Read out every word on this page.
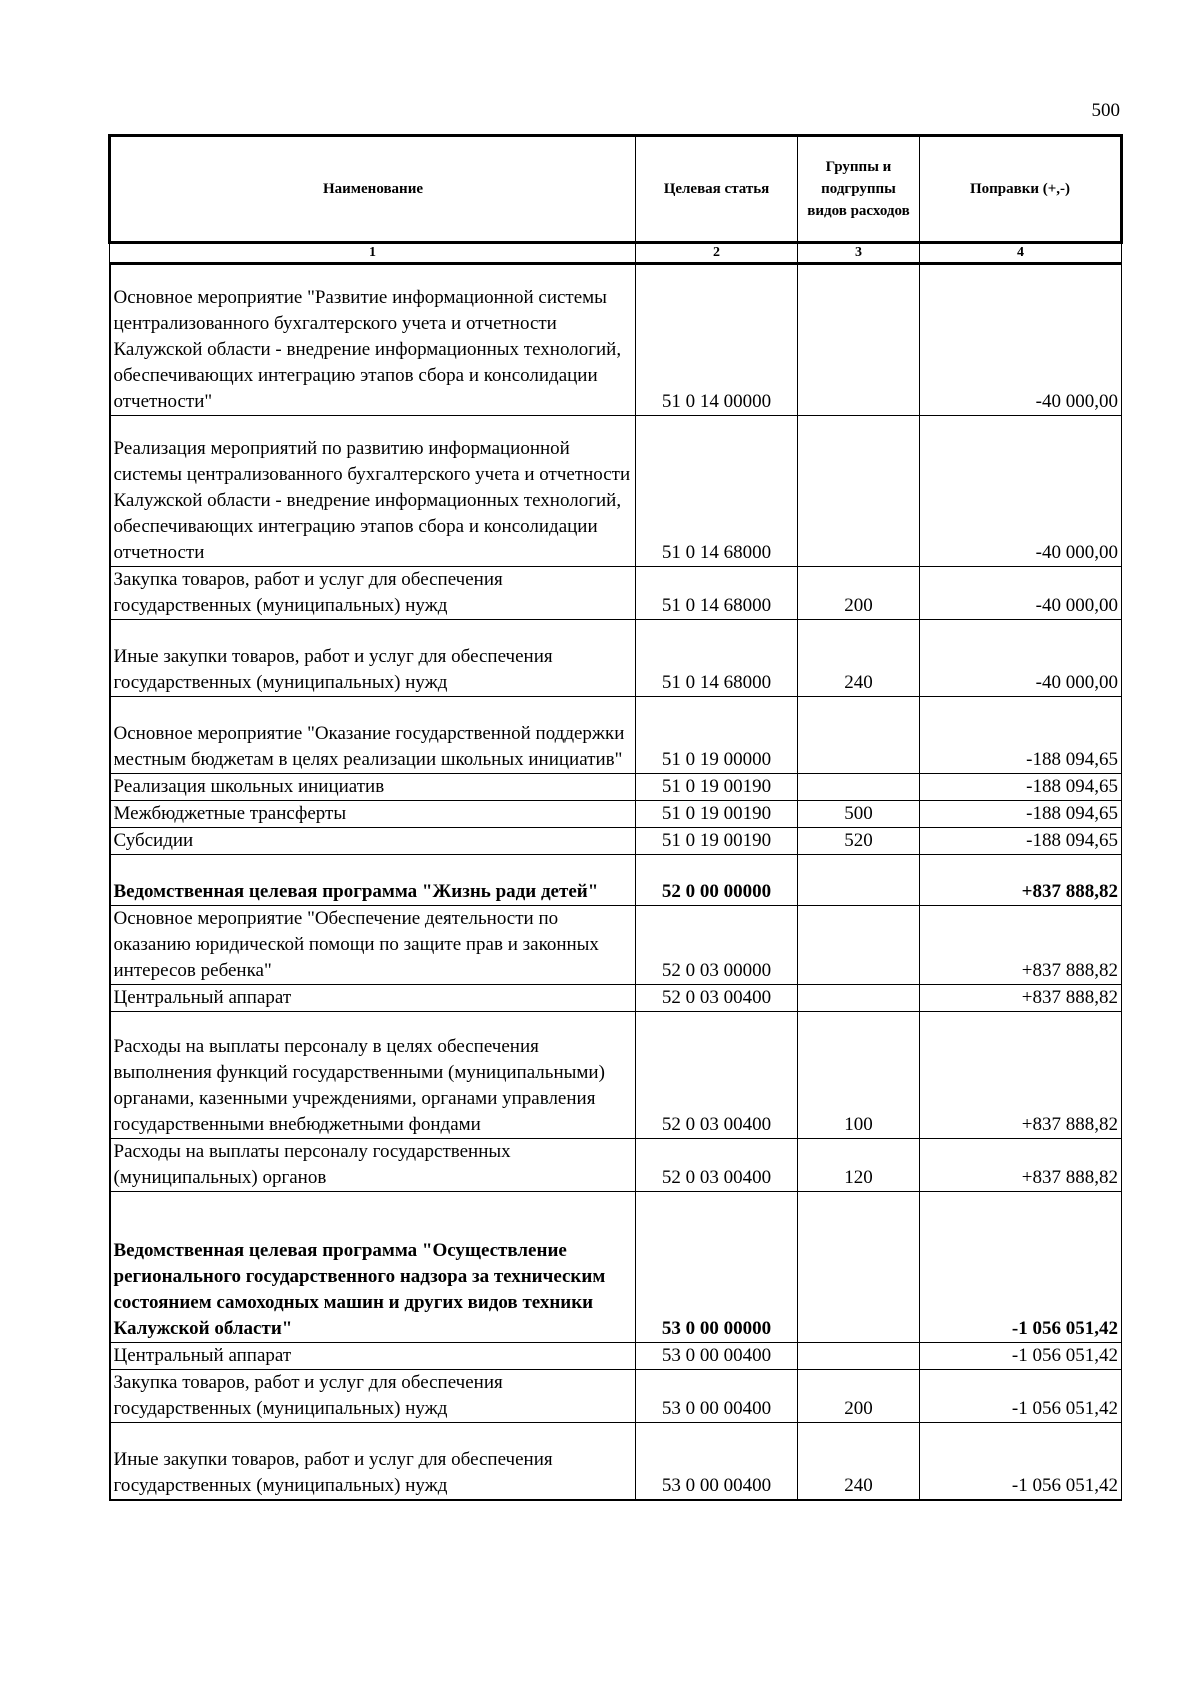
500
Наименование	Целевая статья	Группы и подгруппы видов расходов	Поправки (+,-)
1	2	3	4
Основное мероприятие "Развитие информационной системы централизованного бухгалтерского учета и отчетности Калужской области - внедрение информационных технологий, обеспечивающих интеграцию этапов сбора и консолидации отчетности"	51 0 14 00000		-40 000,00
Реализация мероприятий по развитию информационной системы централизованного бухгалтерского учета и отчетности Калужской области - внедрение информационных технологий, обеспечивающих интеграцию этапов сбора и консолидации отчетности	51 0 14 68000		-40 000,00
Закупка товаров, работ и услуг для обеспечения государственных (муниципальных) нужд	51 0 14 68000	200	-40 000,00
Иные закупки товаров, работ и услуг для обеспечения государственных (муниципальных) нужд	51 0 14 68000	240	-40 000,00
Основное мероприятие "Оказание государственной поддержки местным бюджетам в целях реализации школьных инициатив"	51 0 19 00000		-188 094,65
Реализация школьных инициатив	51 0 19 00190		-188 094,65
Межбюджетные трансферты	51 0 19 00190	500	-188 094,65
Субсидии	51 0 19 00190	520	-188 094,65
Ведомственная целевая программа "Жизнь ради детей"	52 0 00 00000		+837 888,82
Основное мероприятие "Обеспечение деятельности по оказанию юридической помощи по защите прав и законных интересов ребенка"	52 0 03 00000		+837 888,82
Центральный аппарат	52 0 03 00400		+837 888,82
Расходы на выплаты персоналу в целях обеспечения выполнения функций государственными (муниципальными) органами, казенными учреждениями, органами управления государственными внебюджетными фондами	52 0 03 00400	100	+837 888,82
Расходы на выплаты персоналу государственных (муниципальных) органов	52 0 03 00400	120	+837 888,82
Ведомственная целевая программа "Осуществление регионального государственного надзора за техническим состоянием самоходных машин и других видов техники Калужской области"	53 0 00 00000		-1 056 051,42
Центральный аппарат	53 0 00 00400		-1 056 051,42
Закупка товаров, работ и услуг для обеспечения государственных (муниципальных) нужд	53 0 00 00400	200	-1 056 051,42
Иные закупки товаров, работ и услуг для обеспечения государственных (муниципальных) нужд	53 0 00 00400	240	-1 056 051,42
